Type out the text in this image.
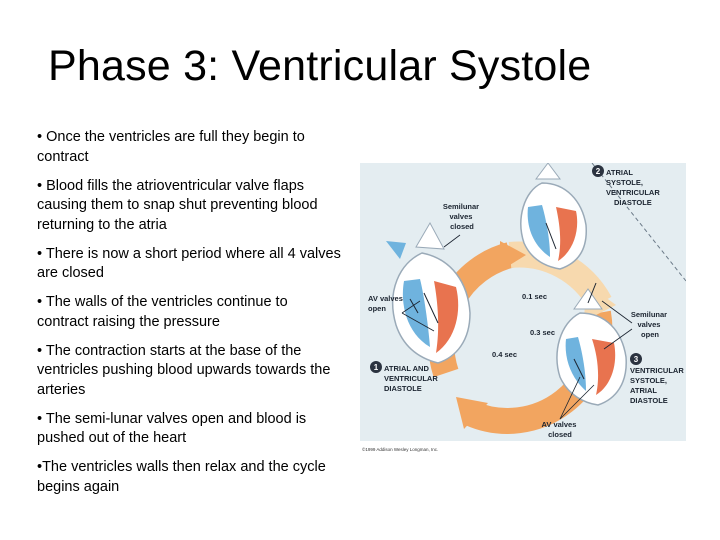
Phase 3: Ventricular Systole
• Once the ventricles are full they begin to contract
• Blood fills the atrioventricular valve flaps causing them to snap shut preventing blood returning to the atria
• There is now a short period where all 4 valves are closed
• The walls of the ventricles continue to contract raising the pressure
• The contraction starts at the base of the ventricles pushing blood upwards towards the arteries
• The semi-lunar valves open and blood is pushed out of the heart
•The ventricles walls then relax and the cycle begins again
2
1
3
ATRIAL SYSTOLE, VENTRICULAR DIASTOLE
ATRIAL AND VENTRICULAR DIASTOLE
VENTRICULAR SYSTOLE, ATRIAL DIASTOLE
Semilunar valves closed
AV valves open
Semilunar valves open
AV valves closed
0.1 sec
0.3 sec
0.4 sec
©1999 Addison Wesley Longman, Inc.
